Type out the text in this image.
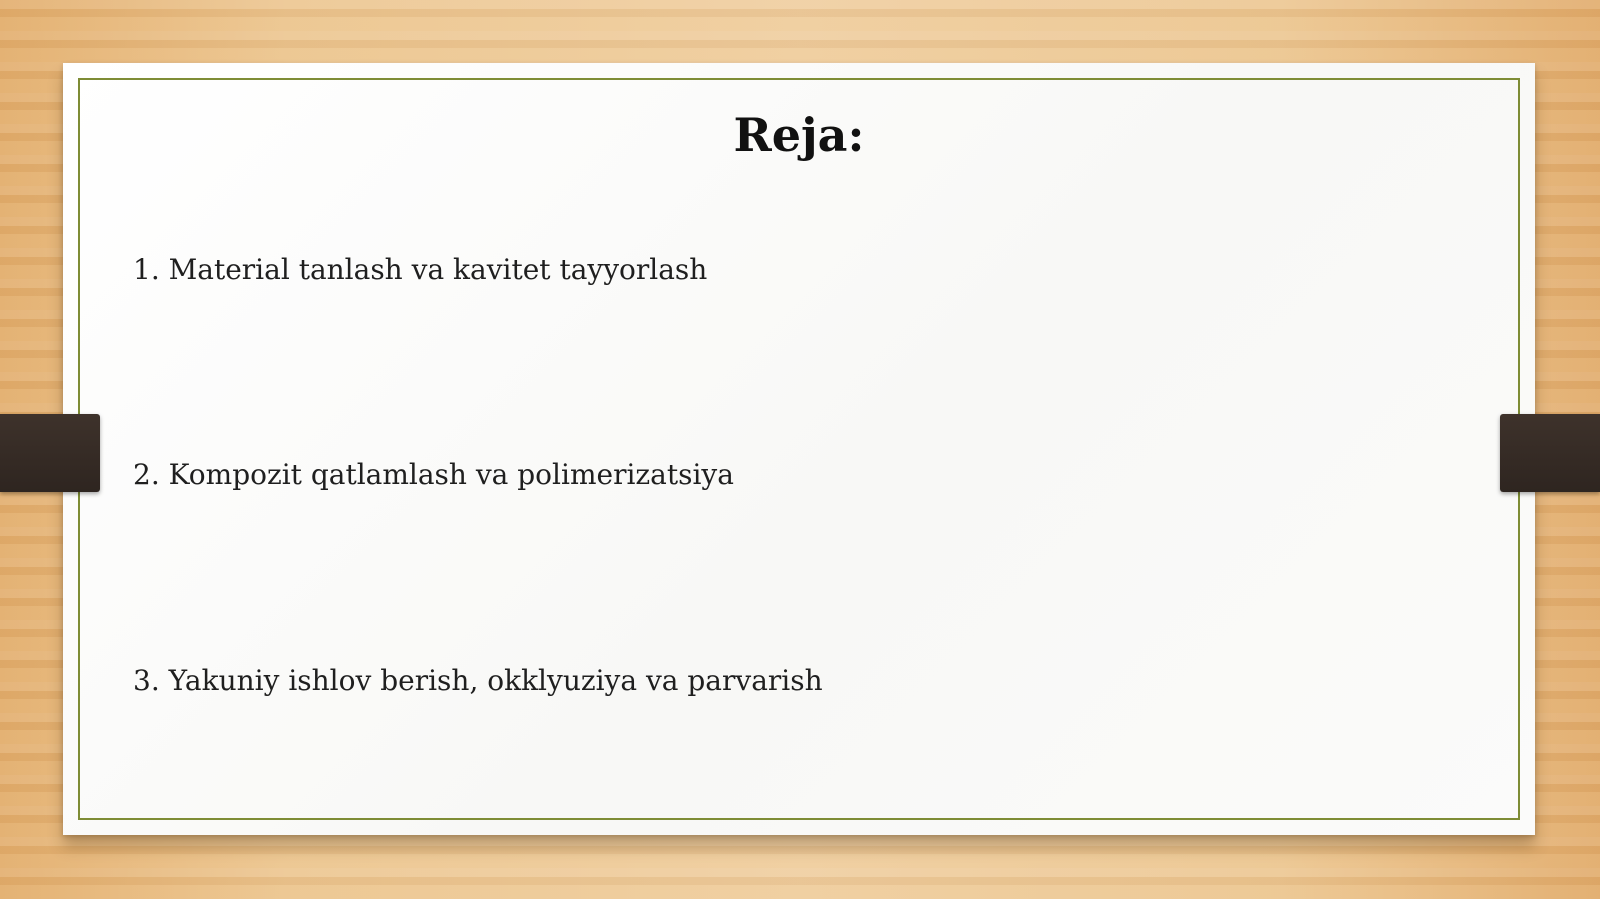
Reja:
1. Material tanlash va kavitet tayyorlash
2. Kompozit qatlamlash va polimerizatsiya
3. Yakuniy ishlov berish, okklyuziya va parvarish
